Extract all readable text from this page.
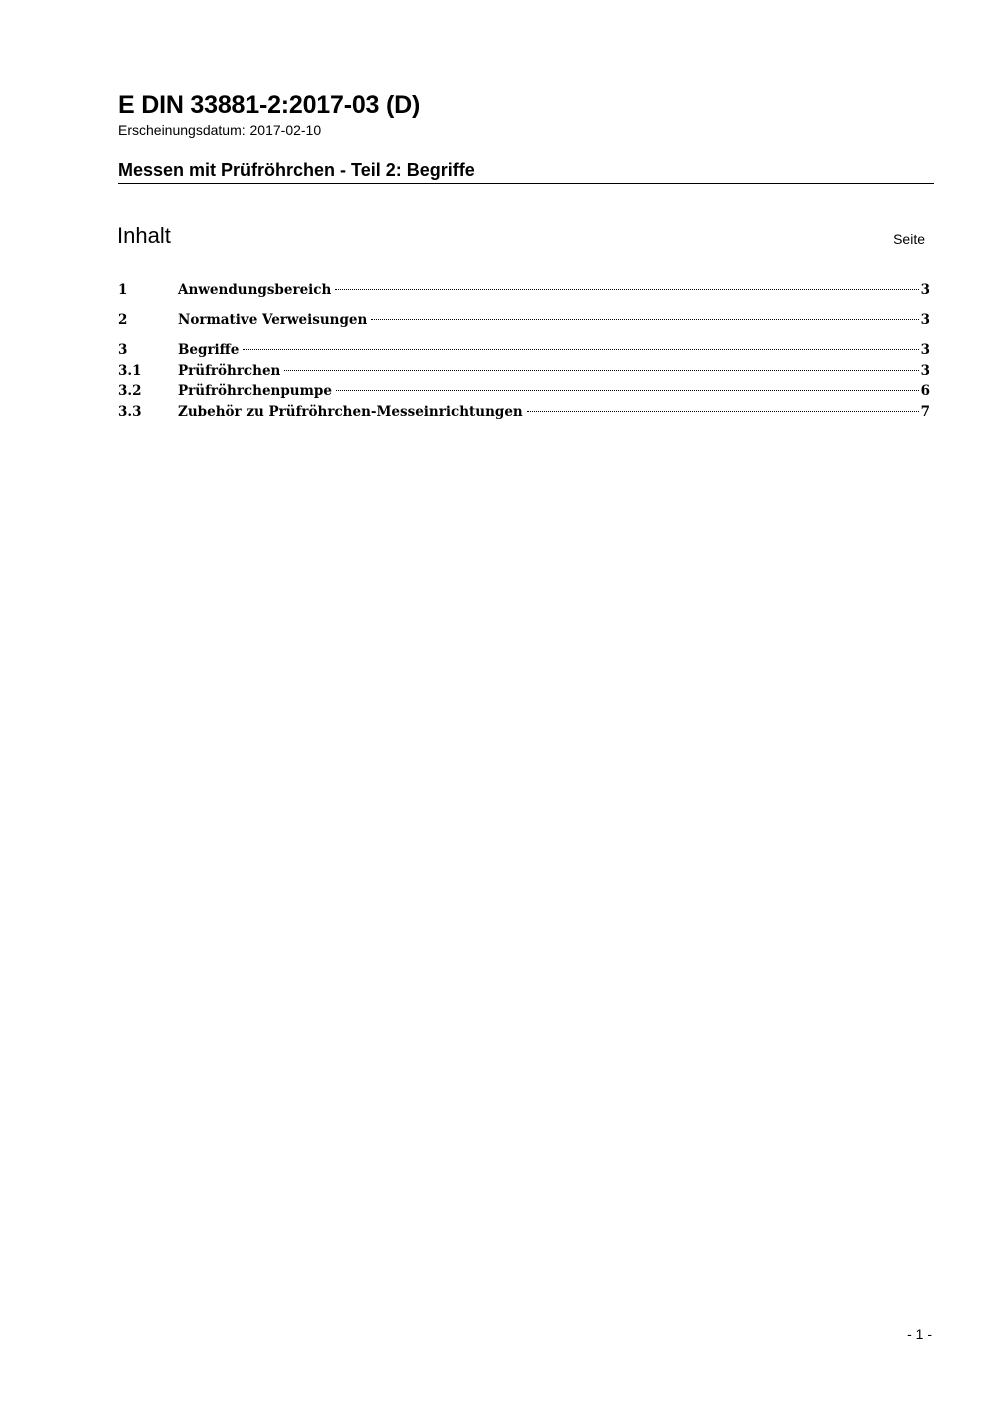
E DIN 33881-2:2017-03 (D)
Erscheinungsdatum: 2017-02-10
Messen mit Prüfröhrchen - Teil 2: Begriffe
Inhalt	Seite
1	Anwendungsbereich	3
2	Normative Verweisungen	3
3	Begriffe	3
3.1	Prüfröhrchen	3
3.2	Prüfröhrchenpumpe	6
3.3	Zubehör zu Prüfröhrchen-Messeinrichtungen	7
- 1 -
